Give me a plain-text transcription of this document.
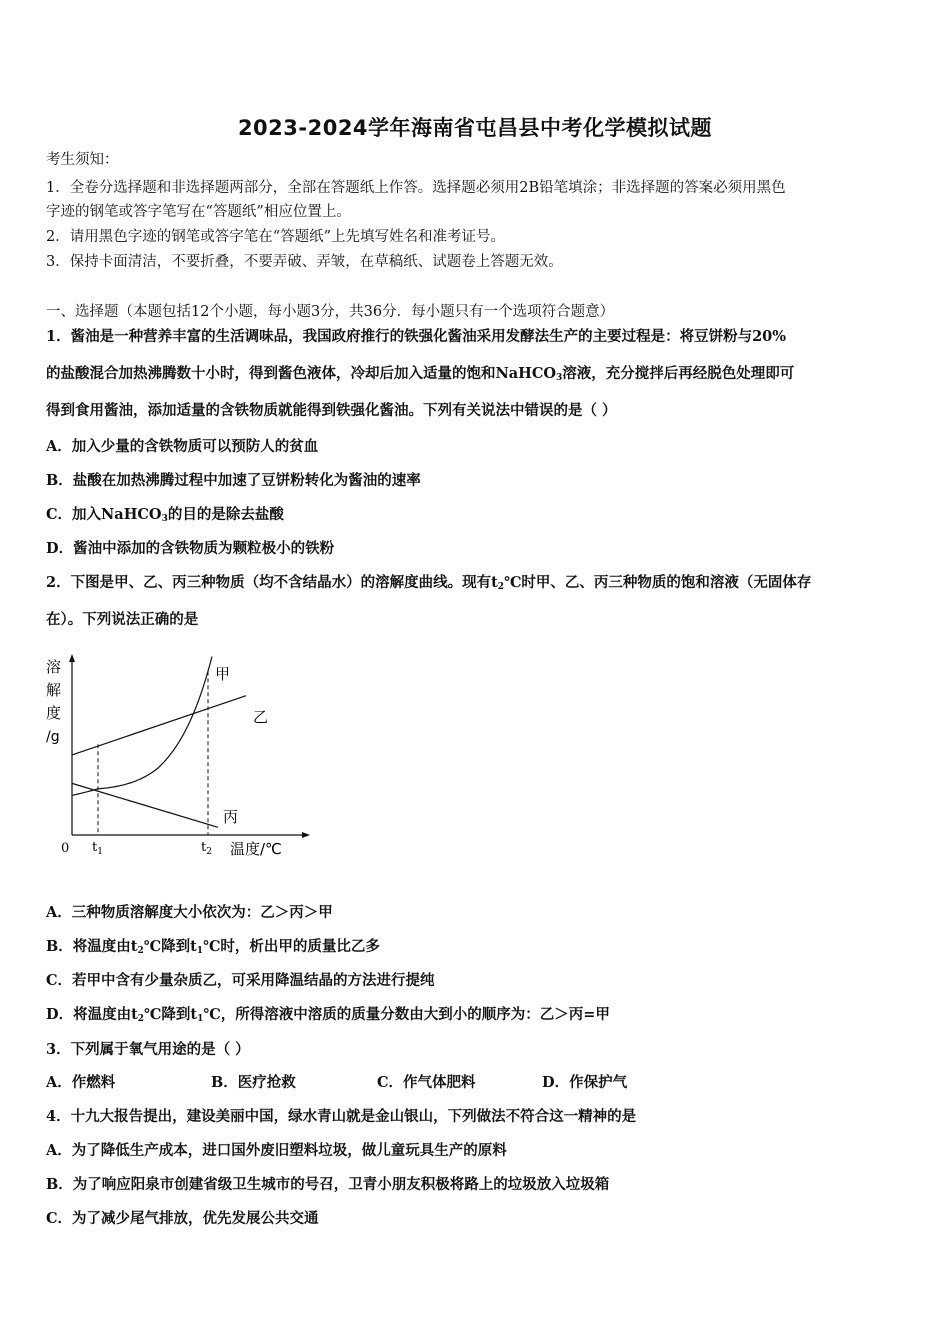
2023-2024学年海南省屯昌县中考化学模拟试题
考生须知：
1．全卷分选择题和非选择题两部分，全部在答题纸上作答。选择题必须用2B铅笔填涂；非选择题的答案必须用黑色
字迹的钢笔或答字笔写在“答题纸”相应位置上。
2．请用黑色字迹的钢笔或答字笔在“答题纸”上先填写姓名和准考证号。
3．保持卡面清洁，不要折叠，不要弄破、弄皱，在草稿纸、试题卷上答题无效。
一、选择题（本题包括12个小题，每小题3分，共36分．每小题只有一个选项符合题意）
1．酱油是一种营养丰富的生活调味品，我国政府推行的铁强化酱油采用发酵法生产的主要过程是：将豆饼粉与20%
的盐酸混合加热沸腾数十小时，得到酱色液体，冷却后加入适量的饱和NaHCO$_3$溶液，充分搅拌后再经脱色处理即可
得到食用酱油，添加适量的含铁物质就能得到铁强化酱油。下列有关说法中错误的是（ ）
A．加入少量的含铁物质可以预防人的贫血
B．盐酸在加热沸腾过程中加速了豆饼粉转化为酱油的速率
C．加入NaHCO$_3$的目的是除去盐酸
D．酱油中添加的含铁物质为颗粒极小的铁粉
2．下图是甲、乙、丙三种物质（均不含结晶水）的溶解度曲线。现有$t_2℃$时甲、乙、丙三种物质的饱和溶液（无固体存
在）。下列说法正确的是
溶
解
度
/g
甲
乙
丙
0 $t_1$	$t_2$ 温度/℃
A．三种物质溶解度大小依次为：乙＞丙＞甲
B．将温度由$t_2℃$降到$t_1℃$时，析出甲的质量比乙多
C．若甲中含有少量杂质乙，可采用降温结晶的方法进行提纯
D．将温度由$t_2℃$降到$t_1℃$，所得溶液中溶质的质量分数由大到小的顺序为：乙＞丙=甲
3．下列属于氧气用途的是（ ）
A．作燃料	B．医疗抢救	C．作气体肥料	D．作保护气
4．十九大报告提出，建设美丽中国，绿水青山就是金山银山，下列做法不符合这一精神的是
A．为了降低生产成本，进口国外废旧塑料垃圾，做儿童玩具生产的原料
B．为了响应阳泉市创建省级卫生城市的号召，卫青小朋友积极将路上的垃圾放入垃圾箱
C．为了减少尾气排放，优先发展公共交通
